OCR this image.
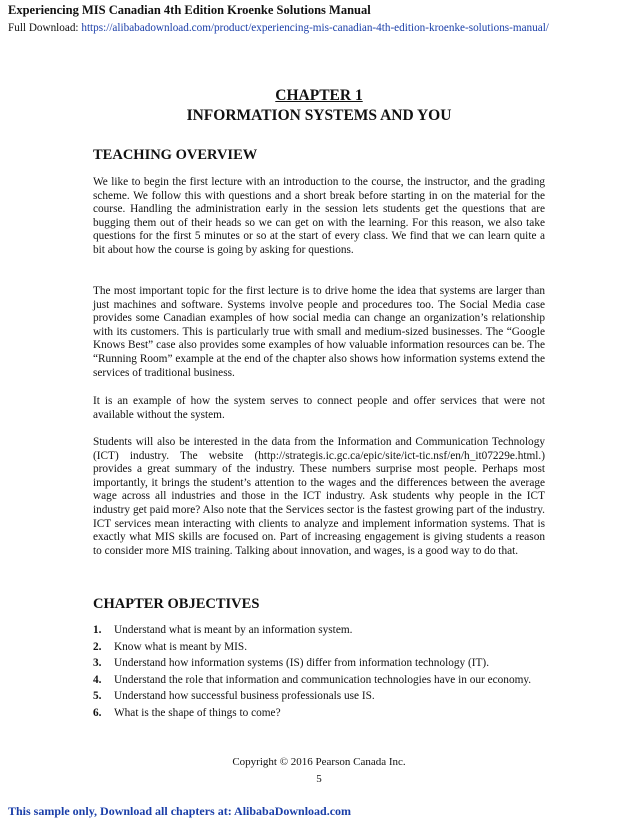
Experiencing MIS Canadian 4th Edition Kroenke Solutions Manual
Full Download: https://alibabadownload.com/product/experiencing-mis-canadian-4th-edition-kroenke-solutions-manual/
CHAPTER 1
INFORMATION SYSTEMS AND YOU
TEACHING OVERVIEW

We like to begin the first lecture with an introduction to the course, the instructor, and the grading scheme. We follow this with questions and a short break before starting in on the material for the course. Handling the administration early in the session lets students get the questions that are bugging them out of their heads so we can get on with the learning. For this reason, we also take questions for the first 5 minutes or so at the start of every class. We find that we can learn quite a bit about how the course is going by asking for questions.

The most important topic for the first lecture is to drive home the idea that systems are larger than just machines and software. Systems involve people and procedures too. The Social Media case provides some Canadian examples of how social media can change an organization’s relationship with its customers. This is particularly true with small and medium-sized businesses. The “Google Knows Best” case also provides some examples of how valuable information resources can be. The “Running Room” example at the end of the chapter also shows how information systems extend the services of traditional business.

It is an example of how the system serves to connect people and offer services that were not available without the system.

Students will also be interested in the data from the Information and Communication Technology (ICT) industry. The website (http://strategis.ic.gc.ca/epic/site/ict-tic.nsf/en/h_it07229e.html.) provides a great summary of the industry. These numbers surprise most people. Perhaps most importantly, it brings the student’s attention to the wages and the differences between the average wage across all industries and those in the ICT industry. Ask students why people in the ICT industry get paid more? Also note that the Services sector is the fastest growing part of the industry. ICT services mean interacting with clients to analyze and implement information systems. That is exactly what MIS skills are focused on. Part of increasing engagement is giving students a reason to consider more MIS training. Talking about innovation, and wages, is a good way to do that.

CHAPTER OBJECTIVES
1.	Understand what is meant by an information system.
2.	Know what is meant by MIS.
3.	Understand how information systems (IS) differ from information technology (IT).
4.	Understand the role that information and communication technologies have in our economy.
5.	Understand how successful business professionals use IS.
6.	What is the shape of things to come?
Copyright © 2016 Pearson Canada Inc.
5
This sample only, Download all chapters at: AlibabaDownload.com
